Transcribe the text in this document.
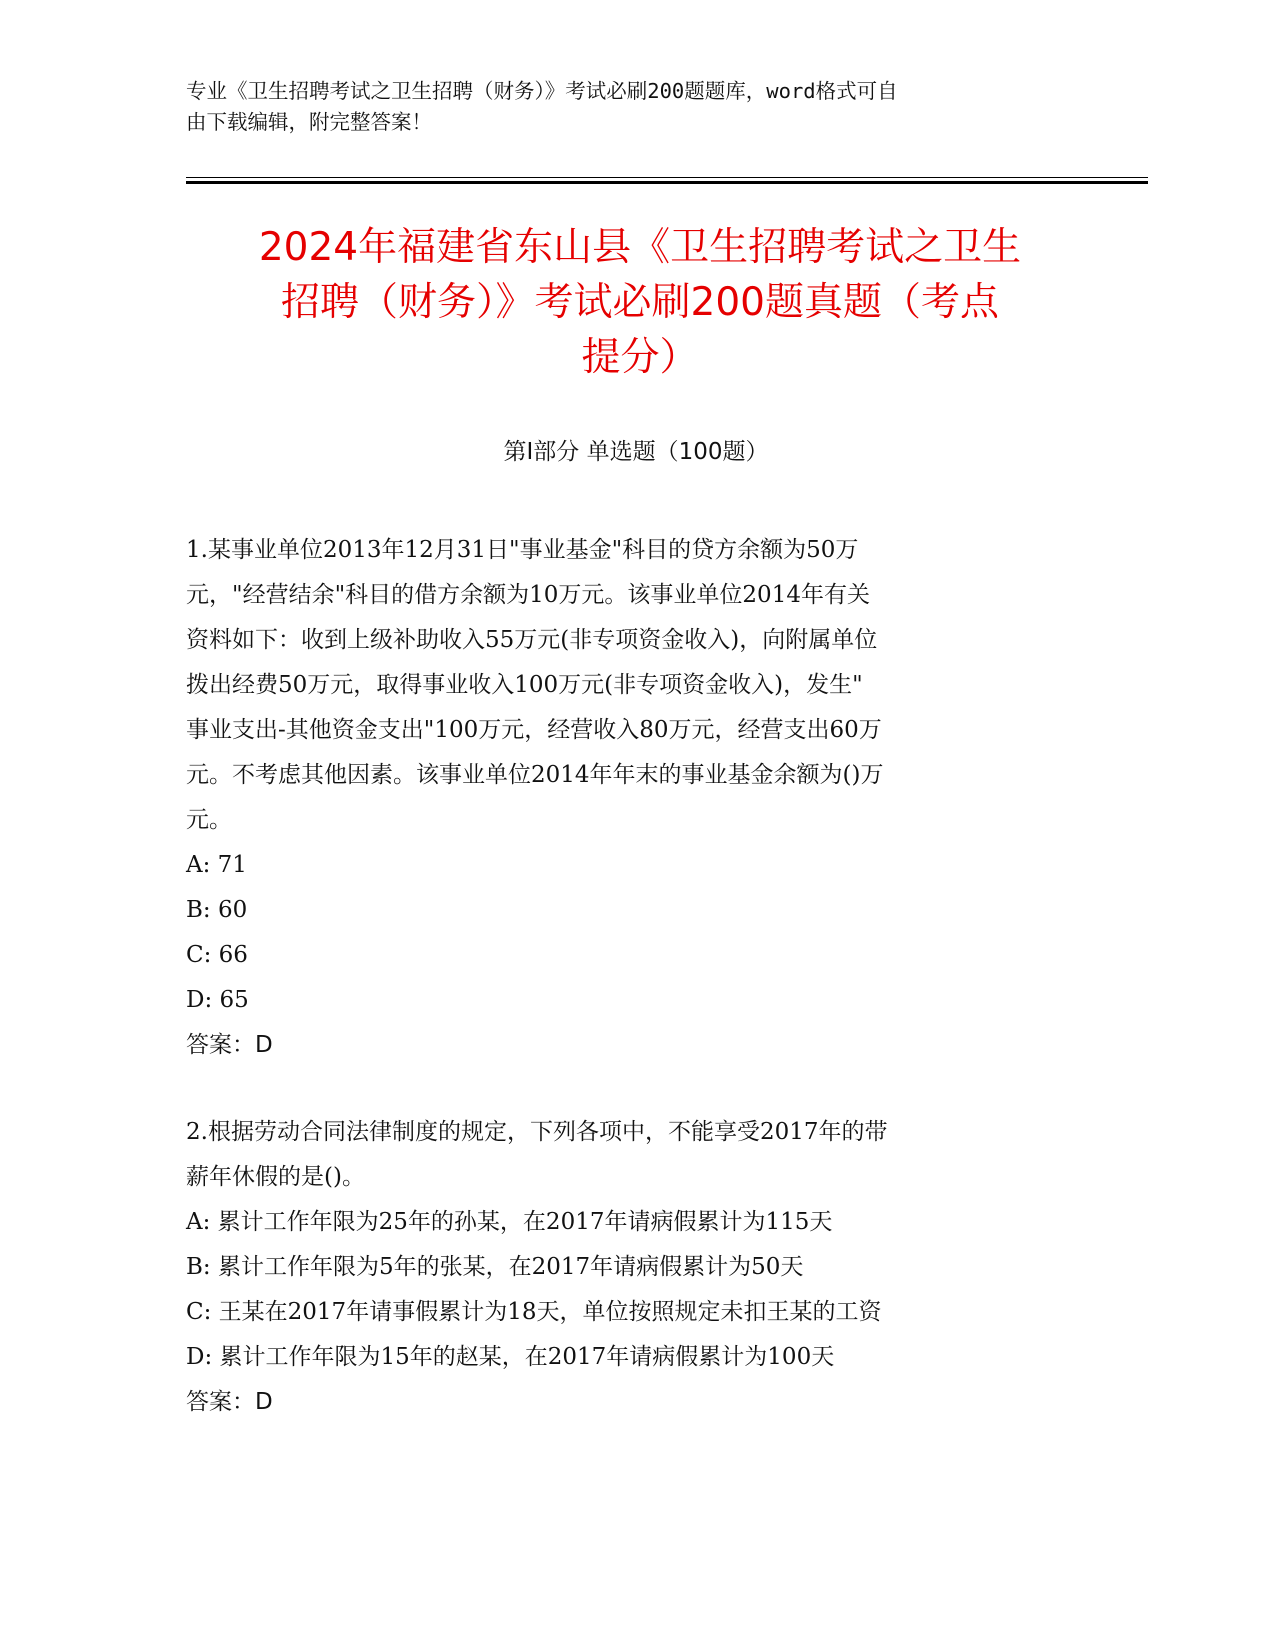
专业《卫生招聘考试之卫生招聘（财务）》考试必刷200题题库，word格式可自
由下载编辑，附完整答案！
2024年福建省东山县《卫生招聘考试之卫生
招聘（财务）》考试必刷200题真题（考点
提分）
第I部分 单选题（100题）
1.某事业单位2013年12月31日"事业基金"科目的贷方余额为50万
元，"经营结余"科目的借方余额为10万元。该事业单位2014年有关
资料如下：收到上级补助收入55万元(非专项资金收入)，向附属单位
拨出经费50万元，取得事业收入100万元(非专项资金收入)，发生"
事业支出-其他资金支出"100万元，经营收入80万元，经营支出60万
元。不考虑其他因素。该事业单位2014年年末的事业基金余额为()万
元。
A: 71
B: 60
C: 66
D: 65
答案：D
2.根据劳动合同法律制度的规定，下列各项中，不能享受2017年的带
薪年休假的是()。
A: 累计工作年限为25年的孙某，在2017年请病假累计为115天
B: 累计工作年限为5年的张某，在2017年请病假累计为50天
C: 王某在2017年请事假累计为18天，单位按照规定未扣王某的工资
D: 累计工作年限为15年的赵某，在2017年请病假累计为100天
答案：D
